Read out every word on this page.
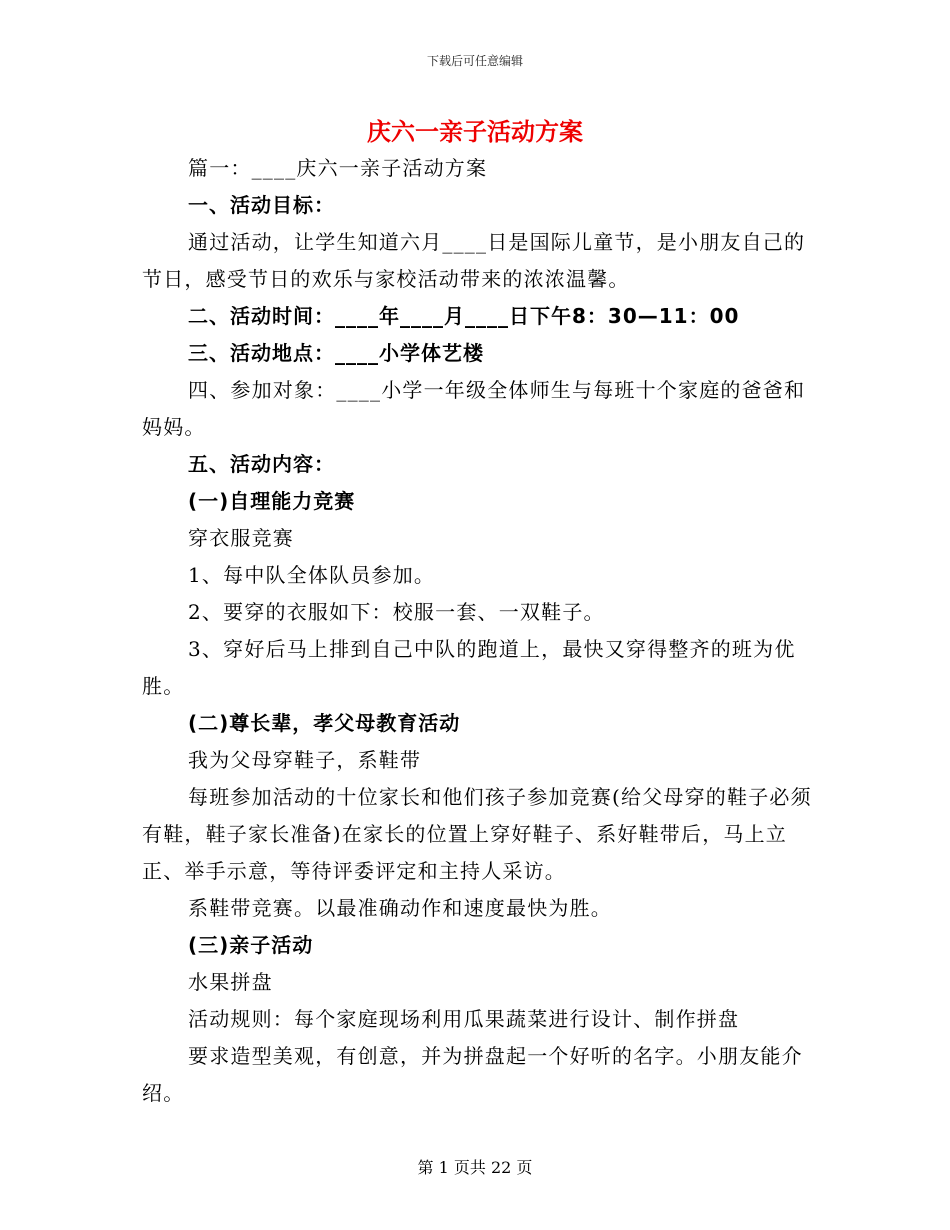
下载后可任意编辑
庆六一亲子活动方案

篇一：____庆六一亲子活动方案

一、活动目标：

通过活动，让学生知道六月____日是国际儿童节，是小朋友自己的节日，感受节日的欢乐与家校活动带来的浓浓温馨。

二、活动时间：____年____月____日下午8：30—11：00

三、活动地点：____小学体艺楼

四、参加对象：____小学一年级全体师生与每班十个家庭的爸爸和妈妈。

五、活动内容：

(一)自理能力竞赛

穿衣服竞赛

1、每中队全体队员参加。

2、要穿的衣服如下：校服一套、一双鞋子。

3、穿好后马上排到自己中队的跑道上，最快又穿得整齐的班为优胜。

(二)尊长辈，孝父母教育活动

我为父母穿鞋子，系鞋带

每班参加活动的十位家长和他们孩子参加竞赛(给父母穿的鞋子必须有鞋，鞋子家长准备)在家长的位置上穿好鞋子、系好鞋带后，马上立正、举手示意，等待评委评定和主持人采访。

系鞋带竞赛。以最准确动作和速度最快为胜。

(三)亲子活动

水果拼盘

活动规则：每个家庭现场利用瓜果蔬菜进行设计、制作拼盘

要求造型美观，有创意，并为拼盘起一个好听的名字。小朋友能介绍。

第 1 页共 22 页
